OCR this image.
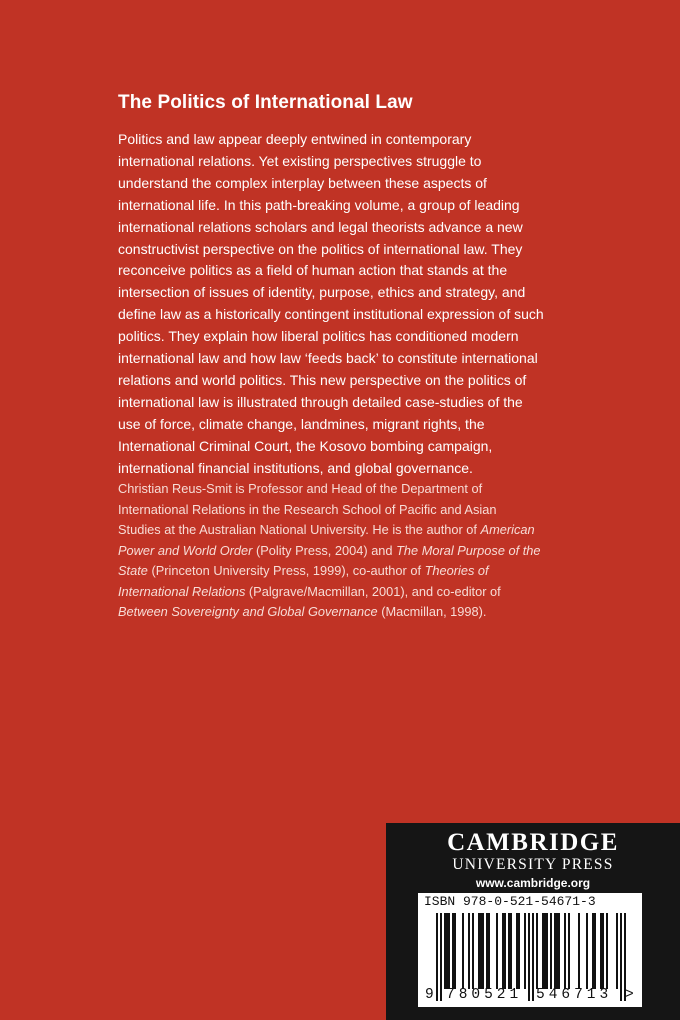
The Politics of International Law
Politics and law appear deeply entwined in contemporary
international relations. Yet existing perspectives struggle to
understand the complex interplay between these aspects of
international life. In this path-breaking volume, a group of leading
international relations scholars and legal theorists advance a new
constructivist perspective on the politics of international law. They
reconceive politics as a field of human action that stands at the
intersection of issues of identity, purpose, ethics and strategy, and
define law as a historically contingent institutional expression of such
politics. They explain how liberal politics has conditioned modern
international law and how law ‘feeds back’ to constitute international
relations and world politics. This new perspective on the politics of
international law is illustrated through detailed case-studies of the
use of force, climate change, landmines, migrant rights, the
International Criminal Court, the Kosovo bombing campaign,
international financial institutions, and global governance.
Christian Reus-Smit is Professor and Head of the Department of
International Relations in the Research School of Pacific and Asian
Studies at the Australian National University. He is the author of American
Power and World Order (Polity Press, 2004) and The Moral Purpose of the
State (Princeton University Press, 1999), co-author of Theories of
International Relations (Palgrave/Macmillan, 2001), and co-editor of
Between Sovereignty and Global Governance (Macmillan, 1998).
CAMBRIDGE
UNIVERSITY PRESS
www.cambridge.org
ISBN 978-0-521-54671-3
9 780521 546713 >
